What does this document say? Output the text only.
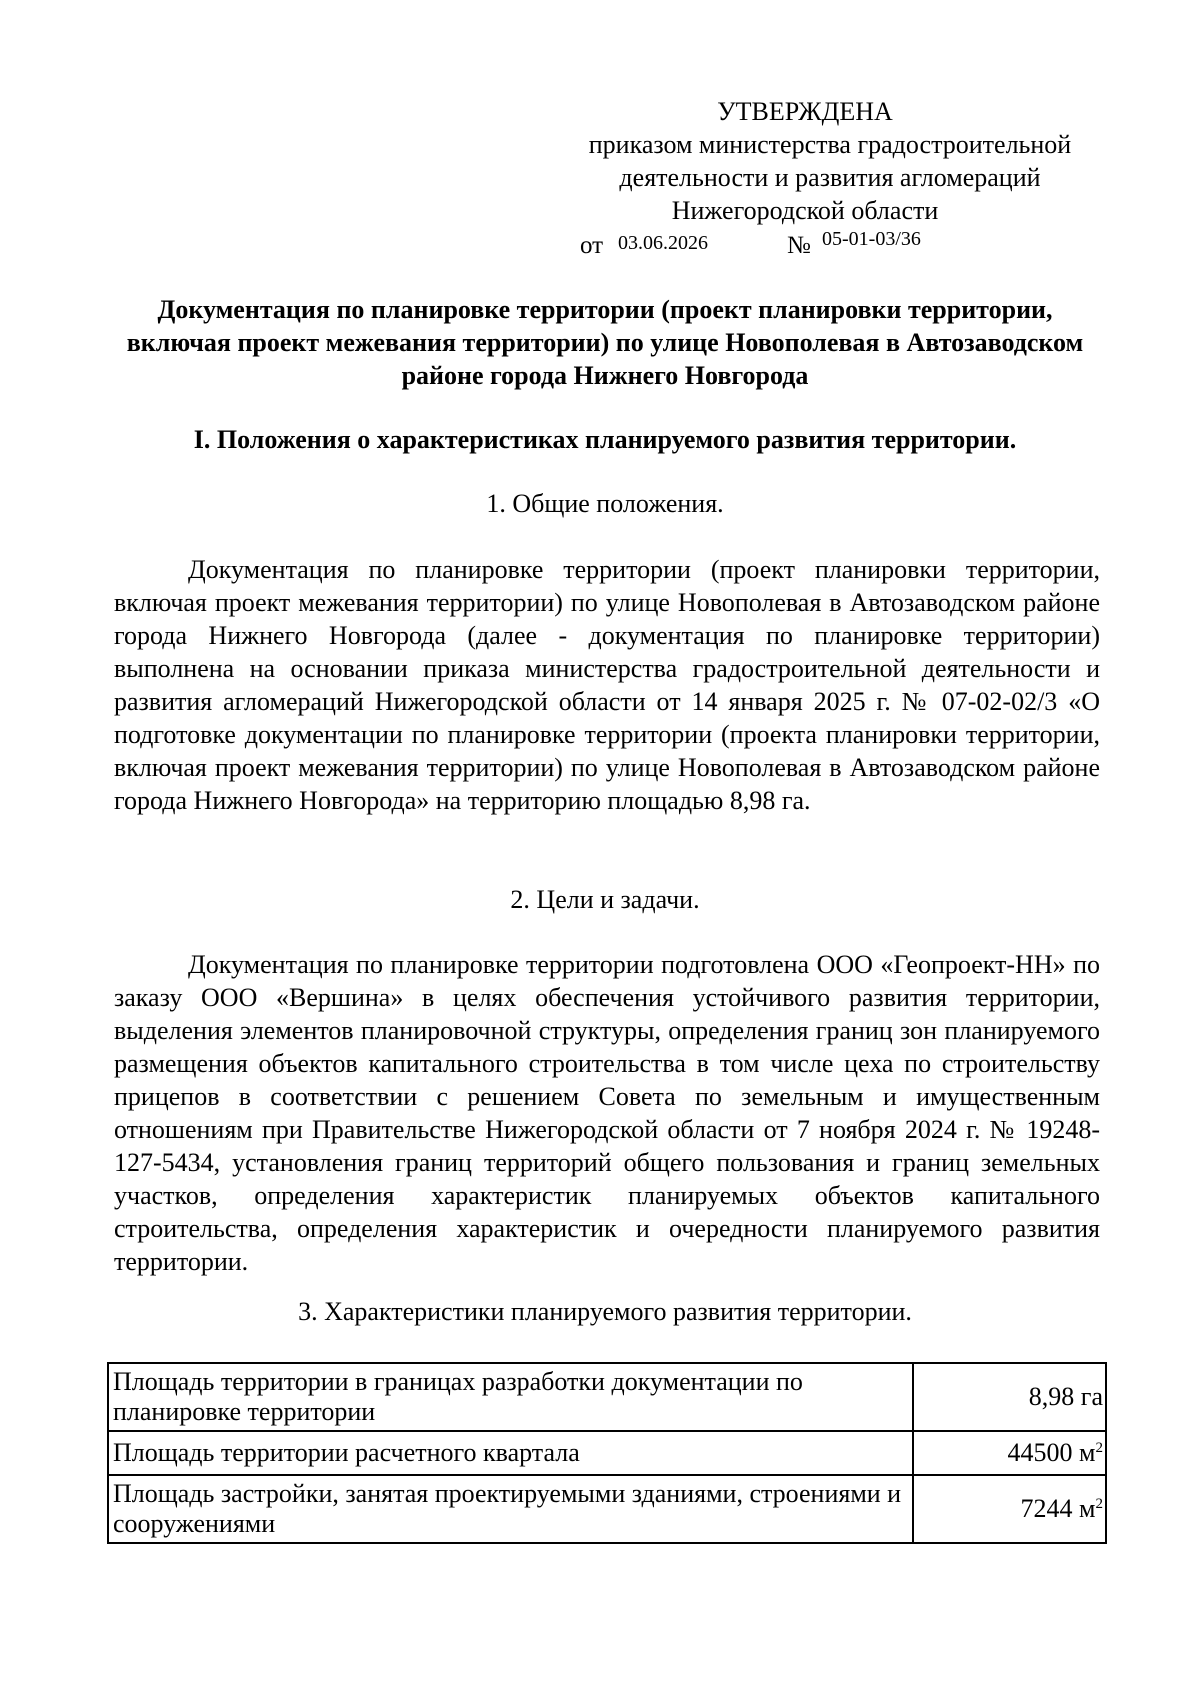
УТВЕРЖДЕНА
приказом министерства градостроительной
деятельности и развития агломераций
Нижегородской области
от 03.06.2026	№ 05-01-03/36
Документация по планировке территории (проект планировки территории, включая проект межевания территории) по улице Новополевая в Автозаводском районе города Нижнего Новгорода
I. Положения о характеристиках планируемого развития территории.
1. Общие положения.
Документация по планировке территории (проект планировки территории, включая проект межевания территории) по улице Новополевая в Автозаводском районе города Нижнего Новгорода (далее - документация по планировке территории) выполнена на основании приказа министерства градостроительной деятельности и развития агломераций Нижегородской области от 14 января 2025 г. № 07-02-02/3 «О подготовке документации по планировке территории (проекта планировки территории, включая проект межевания территории) по улице Новополевая в Автозаводском районе города Нижнего Новгорода» на территорию площадью 8,98 га.
2. Цели и задачи.
Документация по планировке территории подготовлена ООО «Геопроект-НН» по заказу ООО «Вершина» в целях обеспечения устойчивого развития территории, выделения элементов планировочной структуры, определения границ зон планируемого размещения объектов капитального строительства в том числе цеха по строительству прицепов в соответствии с решением Совета по земельным и имущественным отношениям при Правительстве Нижегородской области от 7 ноября 2024 г. № 19248-127-5434, установления границ территорий общего пользования и границ земельных участков, определения характеристик планируемых объектов капитального строительства, определения характеристик и очередности планируемого развития территории.
3. Характеристики планируемого развития территории.
Площадь территории в границах разработки документации по планировке территории	8,98 га
Площадь территории расчетного квартала	44500 $м^2$
Площадь застройки, занятая проектируемыми зданиями, строениями и сооружениями	7244 $м^2$
